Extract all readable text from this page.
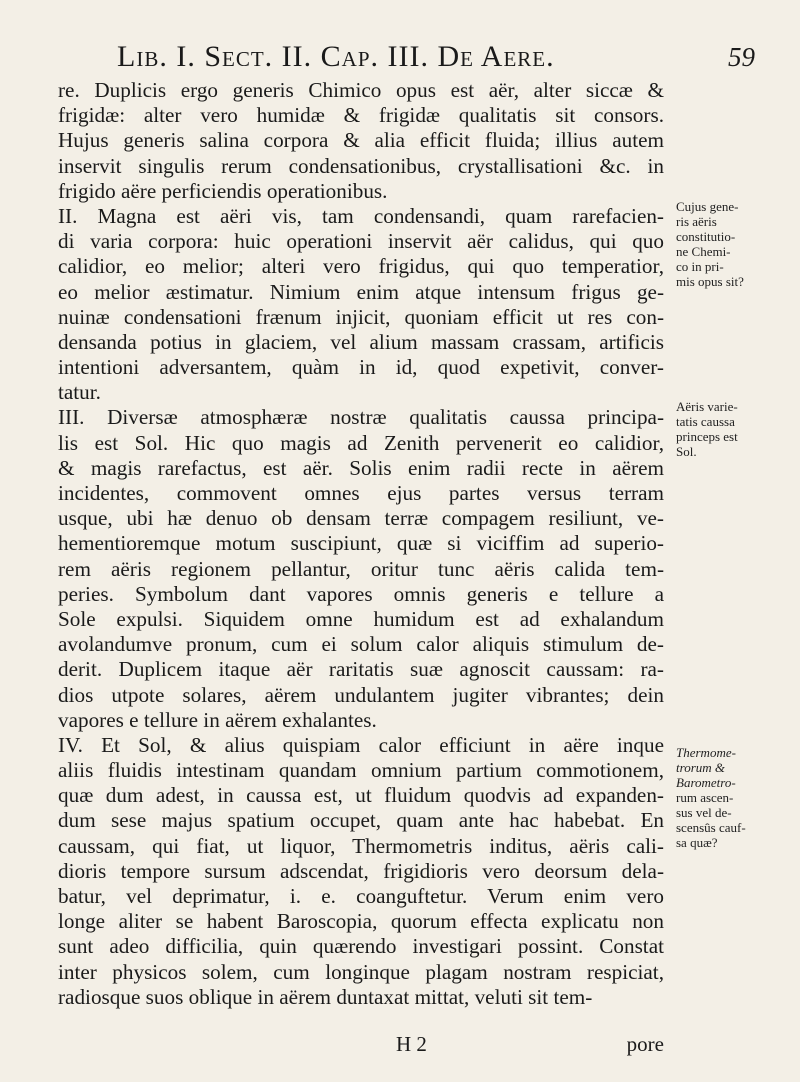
Lib. I. Sect. II. Cap. III. De Aere.	59
re. Duplicis ergo generis Chimico opus est aër, alter siccæ &
frigidæ: alter vero humidæ & frigidæ qualitatis sit consors.
Hujus generis salina corpora & alia efficit fluida; illius autem
inservit singulis rerum condensationibus, crystallisationi &c. in
frigido aëre perficiendis operationibus.
II. Magna est aëri vis, tam condensandi, quam rarefacien-
di varia corpora: huic operationi inservit aër calidus, qui quo
calidior, eo melior; alteri vero frigidus, qui quo temperatior,
eo melior æstimatur. Nimium enim atque intensum frigus ge-
nuinæ condensationi frænum injicit, quoniam efficit ut res con-
densanda potius in glaciem, vel alium massam crassam, artificis
intentioni adversantem, quàm in id, quod expetivit, conver-
tatur.
III. Diversæ atmosphæræ nostræ qualitatis caussa principa-
lis est Sol. Hic quo magis ad Zenith pervenerit eo calidior,
& magis rarefactus, est aër. Solis enim radii recte in aërem
incidentes, commovent omnes ejus partes versus terram
usque, ubi hæ denuo ob densam terræ compagem resiliunt, ve-
hementioremque motum suscipiunt, quæ si viciffim ad superio-
rem aëris regionem pellantur, oritur tunc aëris calida tem-
peries. Symbolum dant vapores omnis generis e tellure a
Sole expulsi. Siquidem omne humidum est ad exhalandum
avolandumve pronum, cum ei solum calor aliquis stimulum de-
derit. Duplicem itaque aër raritatis suæ agnoscit caussam: ra-
dios utpote solares, aërem undulantem jugiter vibrantes; dein
vapores e tellure in aërem exhalantes.
IV. Et Sol, & alius quispiam calor efficiunt in aëre inque
aliis fluidis intestinam quandam omnium partium commotionem,
quæ dum adest, in caussa est, ut fluidum quodvis ad expanden-
dum sese majus spatium occupet, quam ante hac habebat. En
caussam, qui fiat, ut liquor, Thermometris inditus, aëris cali-
dioris tempore sursum adscendat, frigidioris vero deorsum dela-
batur, vel deprimatur, i. e. coanguftetur. Verum enim vero
longe aliter se habent Baroscopia, quorum effecta explicatu non
sunt adeo difficilia, quin quærendo investigari possint. Constat
inter physicos solem, cum longinque plagam nostram respiciat,
radiosque suos oblique in aërem duntaxat mittat, veluti sit tem-
Cujus gene-
ris aëris
constitutio-
ne Chemi-
co in pri-
mis opus sit?
Aëris varie-
tatis caussa
princeps est
Sol.
Thermome-
trorum &
Barometro-
rum ascen-
sus vel de-
scensûs cauf-
sa quæ?
H 2	pore
